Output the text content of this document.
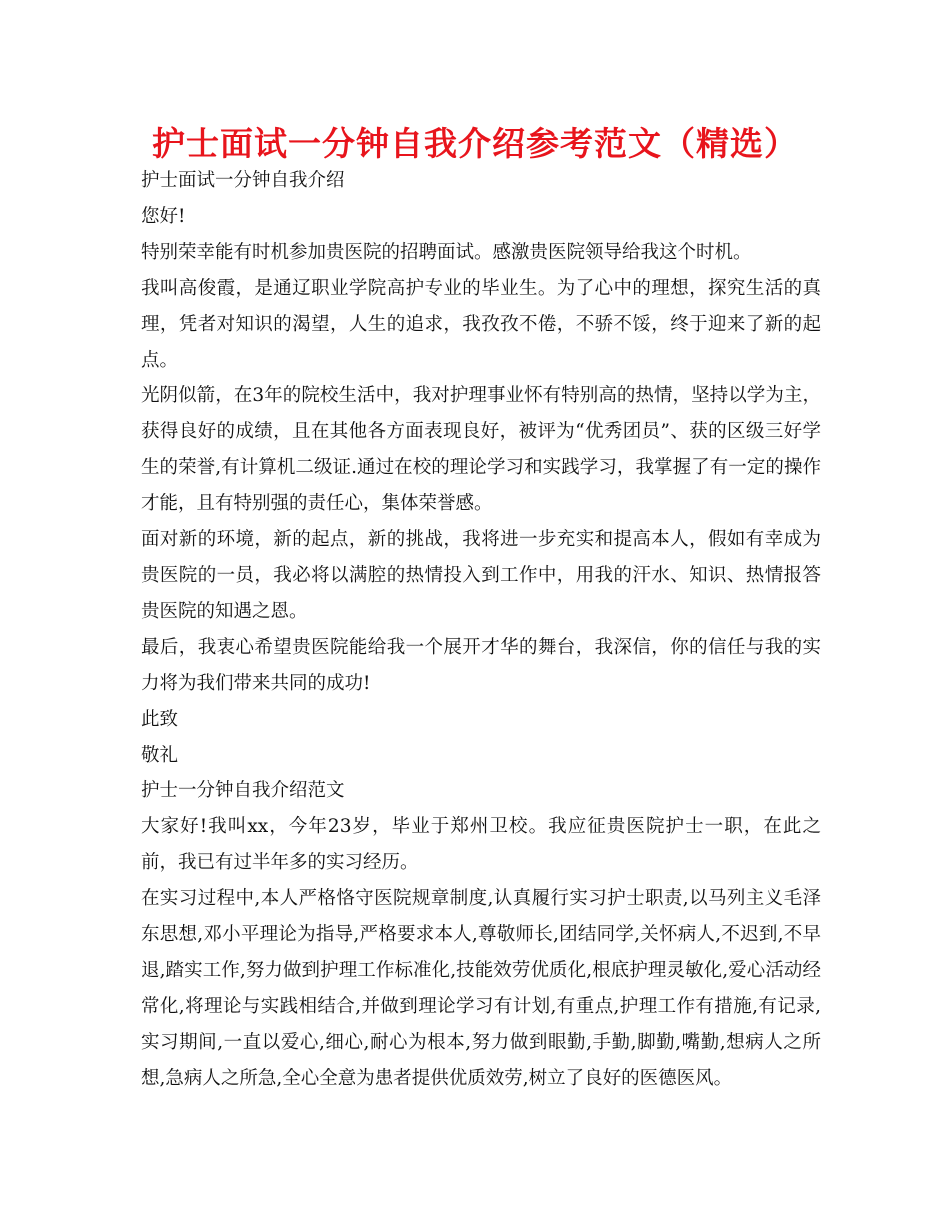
护士面试一分钟自我介绍参考范文（精选）

护士面试一分钟自我介绍

您好!

特别荣幸能有时机参加贵医院的招聘面试。感激贵医院领导给我这个时机。

我叫高俊霞，是通辽职业学院高护专业的毕业生。为了心中的理想，探究生活的真理，凭者对知识的渴望，人生的追求，我孜孜不倦，不骄不馁，终于迎来了新的起点。

光阴似箭，在3年的院校生活中，我对护理事业怀有特别高的热情，坚持以学为主，获得良好的成绩，且在其他各方面表现良好，被评为“优秀团员”、获的区级三好学生的荣誉,有计算机二级证.通过在校的理论学习和实践学习，我掌握了有一定的操作才能，且有特别强的责任心，集体荣誉感。

面对新的环境，新的起点，新的挑战，我将进一步充实和提高本人，假如有幸成为贵医院的一员，我必将以满腔的热情投入到工作中，用我的汗水、知识、热情报答贵医院的知遇之恩。

最后，我衷心希望贵医院能给我一个展开才华的舞台，我深信，你的信任与我的实力将为我们带来共同的成功!

此致

敬礼

护士一分钟自我介绍范文

大家好!我叫xx，今年23岁，毕业于郑州卫校。我应征贵医院护士一职，在此之前，我已有过半年多的实习经历。

在实习过程中,本人严格恪守医院规章制度,认真履行实习护士职责,以马列主义毛泽东思想,邓小平理论为指导,严格要求本人,尊敬师长,团结同学,关怀病人,不迟到,不早退,踏实工作,努力做到护理工作标准化,技能效劳优质化,根底护理灵敏化,爱心活动经常化,将理论与实践相结合,并做到理论学习有计划,有重点,护理工作有措施,有记录,实习期间,一直以爱心,细心,耐心为根本,努力做到眼勤,手勤,脚勤,嘴勤,想病人之所想,急病人之所急,全心全意为患者提供优质效劳,树立了良好的医德医风。
